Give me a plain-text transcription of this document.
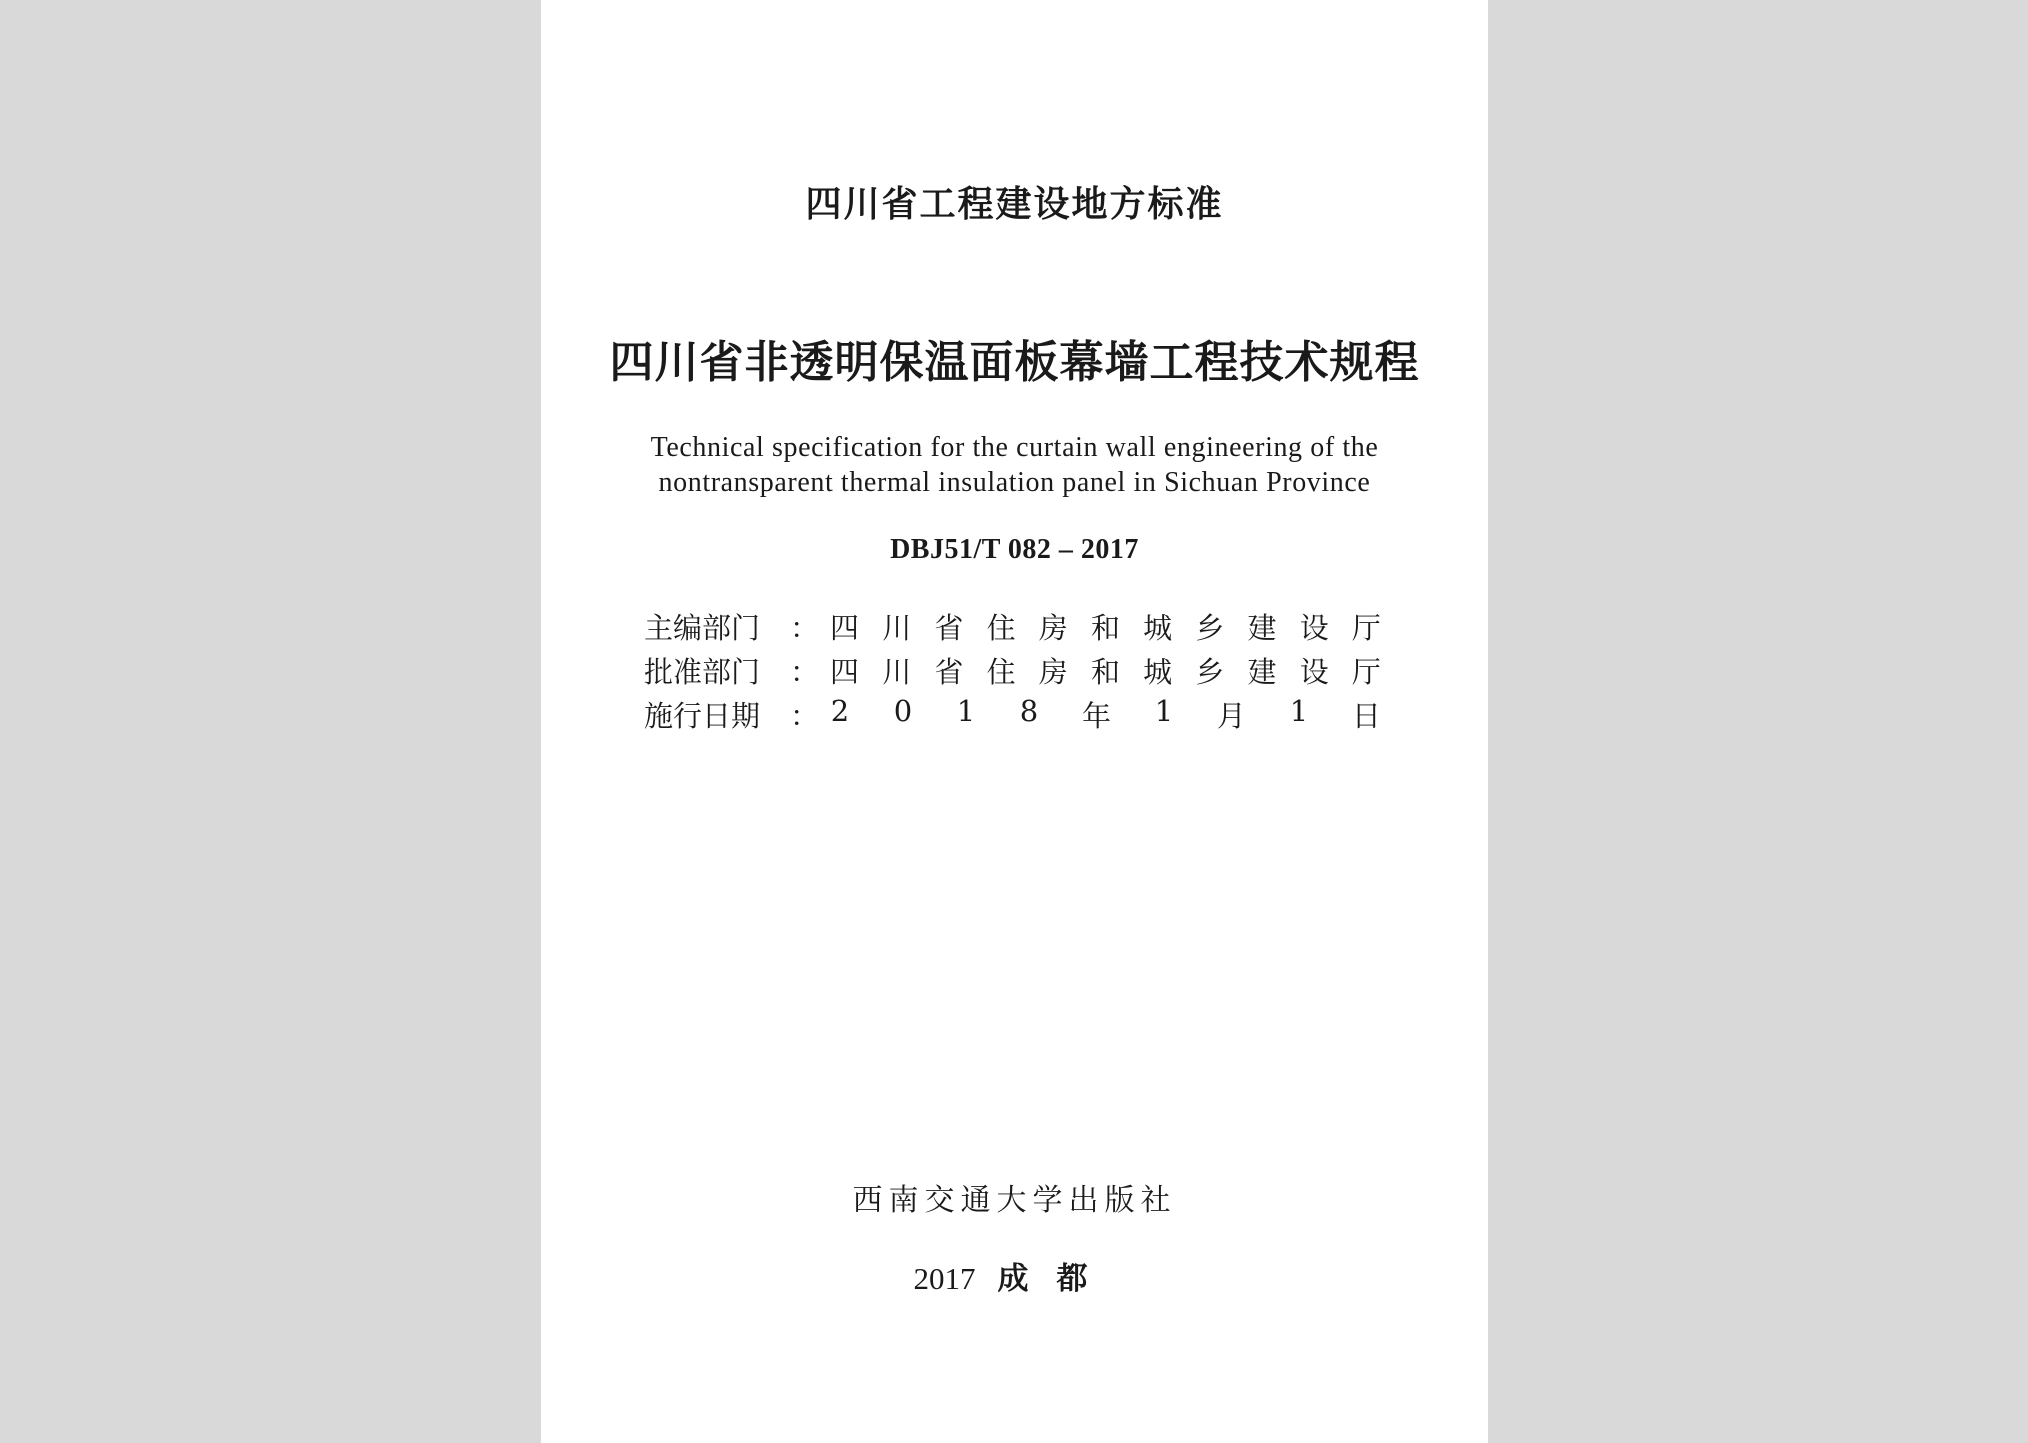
四川省工程建设地方标准
四川省非透明保温面板幕墙工程技术规程
Technical specification for the curtain wall engineering of the
nontransparent thermal insulation panel in Sichuan Province
DBJ51/T 082 – 2017
主编部门	： 四 川 省 住 房 和 城 乡 建 设 厅
批准部门	： 四 川 省 住 房 和 城 乡 建 设 厅
施行日期	： 2 0 1 8 年 1 月 1 日
西南交通大学出版社
2017 成都
